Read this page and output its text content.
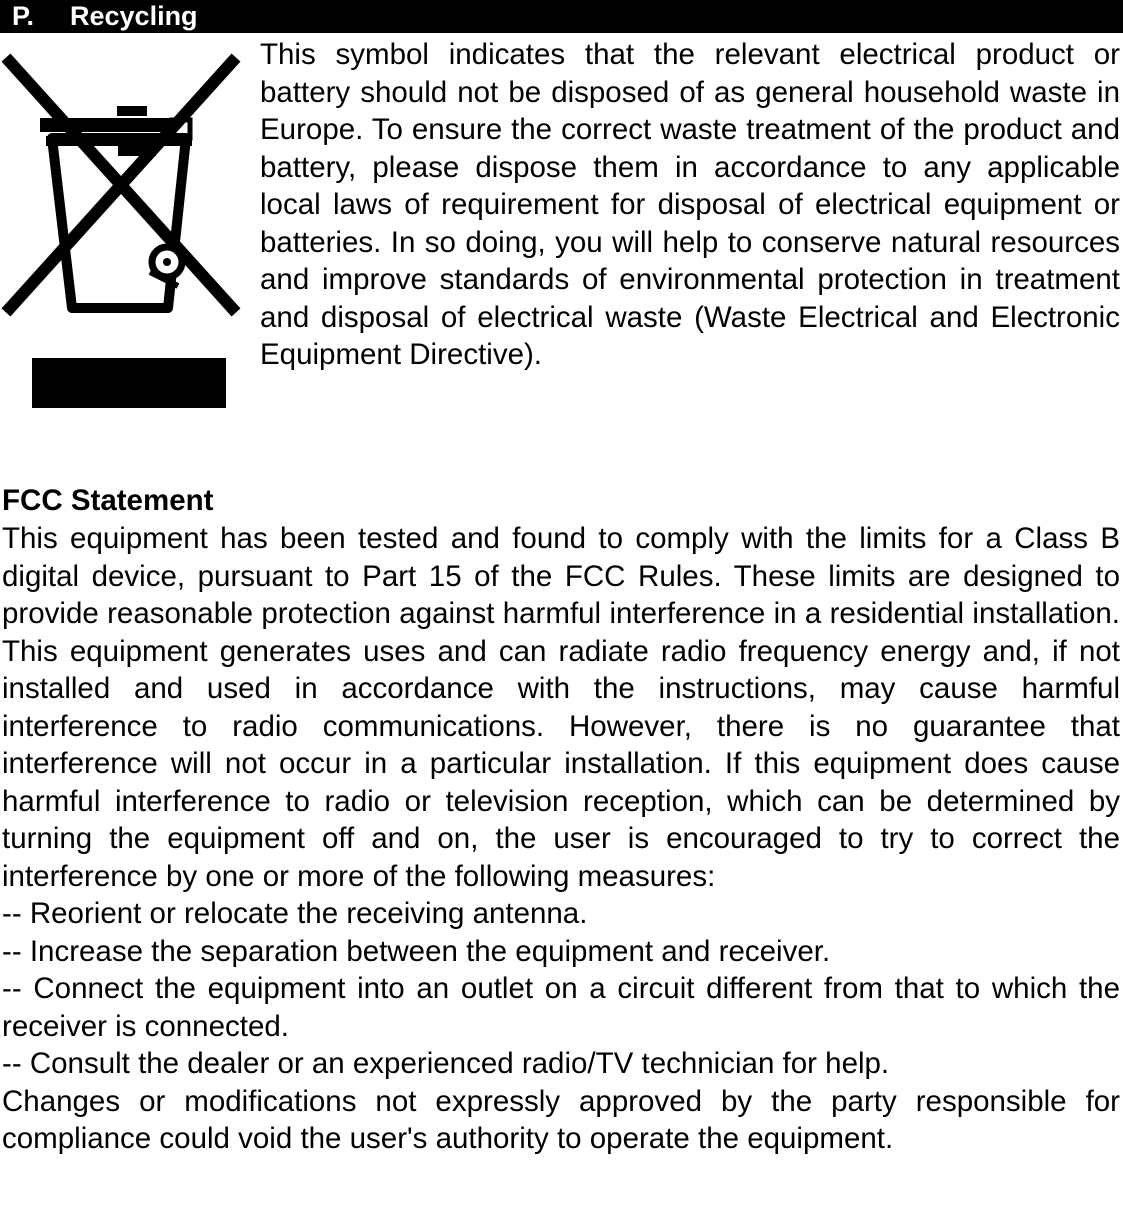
P. Recycling

This symbol indicates that the relevant electrical product or battery should not be disposed of as general household waste in Europe. To ensure the correct waste treatment of the product and battery, please dispose them in accordance to any applicable local laws of requirement for disposal of electrical equipment or batteries. In so doing, you will help to conserve natural resources and improve standards of environmental protection in treatment and disposal of electrical waste (Waste Electrical and Electronic Equipment Directive).

FCC Statement

This equipment has been tested and found to comply with the limits for a Class B digital device, pursuant to Part 15 of the FCC Rules. These limits are designed to provide reasonable protection against harmful interference in a residential installation. This equipment generates uses and can radiate radio frequency energy and, if not installed and used in accordance with the instructions, may cause harmful interference to radio communications. However, there is no guarantee that interference will not occur in a particular installation. If this equipment does cause harmful interference to radio or television reception, which can be determined by turning the equipment off and on, the user is encouraged to try to correct the interference by one or more of the following measures:

-- Reorient or relocate the receiving antenna.

-- Increase the separation between the equipment and receiver.

-- Connect the equipment into an outlet on a circuit different from that to which the receiver is connected.

-- Consult the dealer or an experienced radio/TV technician for help.

Changes or modifications not expressly approved by the party responsible for compliance could void the user's authority to operate the equipment.
